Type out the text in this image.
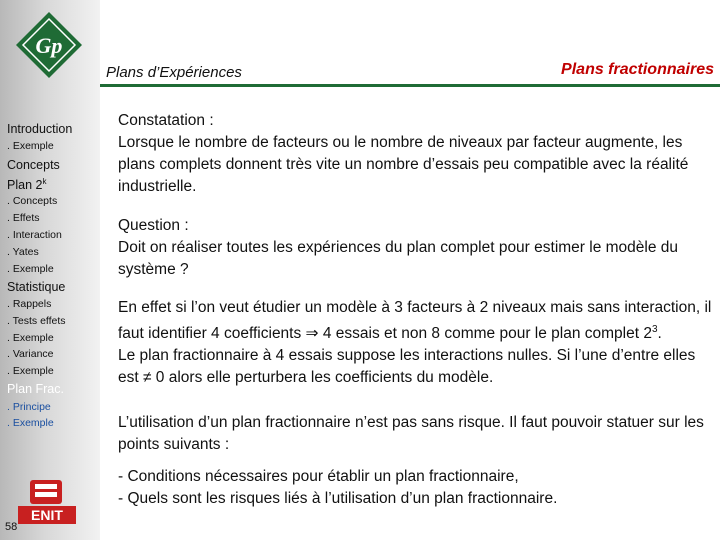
Gp
Plans d’Expériences	Plans fractionnaires
Introduction
. Exemple
Concepts
Plan 2$^k$
. Concepts
. Effets
. Interaction
. Yates
. Exemple
Statistique
. Rappels
. Tests effets
. Exemple
. Variance
. Exemple
Plan Frac.
. Principe
. Exemple
ENIT
58

Constatation :

Lorsque le nombre de facteurs ou le nombre de niveaux par facteur augmente, les plans complets donnent très vite un nombre d’essais peu compatible avec la réalité industrielle.

Question :

Doit on réaliser toutes les expériences du plan complet pour estimer le modèle du système ?

En effet si l’on veut étudier un modèle à 3 facteurs à 2 niveaux mais sans interaction, il faut identifier 4 coefficients ⇒ 4 essais et non 8 comme pour le plan complet $2^3$.

Le plan fractionnaire à 4 essais suppose les interactions nulles. Si l’une d’entre elles est ≠ 0 alors elle perturbera les coefficients du modèle.

L’utilisation d’un plan fractionnaire n’est pas sans risque. Il faut pouvoir statuer sur les points suivants :

- Conditions nécessaires pour établir un plan fractionnaire,

- Quels sont les risques liés à l’utilisation d’un plan fractionnaire.
